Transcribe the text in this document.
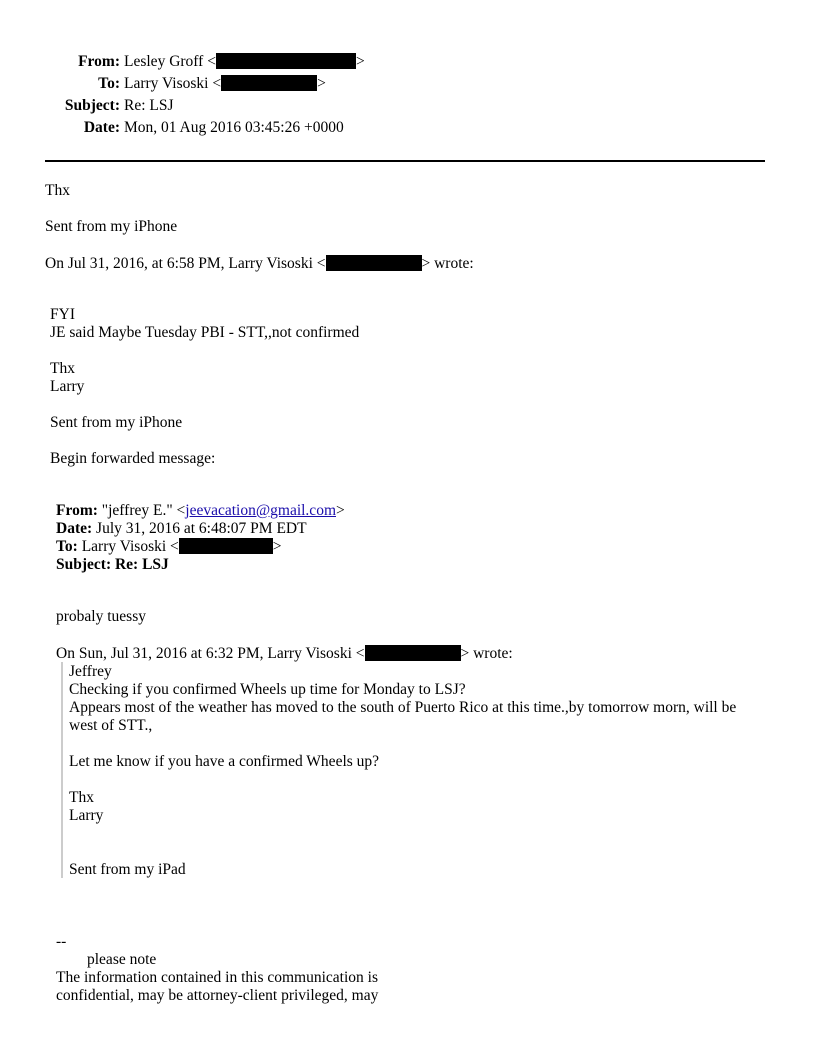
From: Lesley Groff <	>
To: Larry Visoski <	>
Subject: Re: LSJ
Date: Mon, 01 Aug 2016 03:45:26 +0000
Thx
Sent from my iPhone
On Jul 31, 2016, at 6:58 PM, Larry Visoski <	> wrote:
FYI
JE said Maybe Tuesday PBI - STT,,not confirmed
Thx
Larry
Sent from my iPhone
Begin forwarded message:
From: "jeffrey E." <jeevacation@gmail.com>
Date: July 31, 2016 at 6:48:07 PM EDT
To: Larry Visoski <	>
Subject: Re: LSJ
probaly tuessy
On Sun, Jul 31, 2016 at 6:32 PM, Larry Visoski <	> wrote:
Jeffrey
Checking if you confirmed Wheels up time for Monday to LSJ?
Appears most of the weather has moved to the south of Puerto Rico at this time.,by tomorrow morn, will be
west of STT.,
Let me know if you have a confirmed Wheels up?
Thx
Larry
Sent from my iPad
--
please note
The information contained in this communication is
confidential, may be attorney-client privileged, may
